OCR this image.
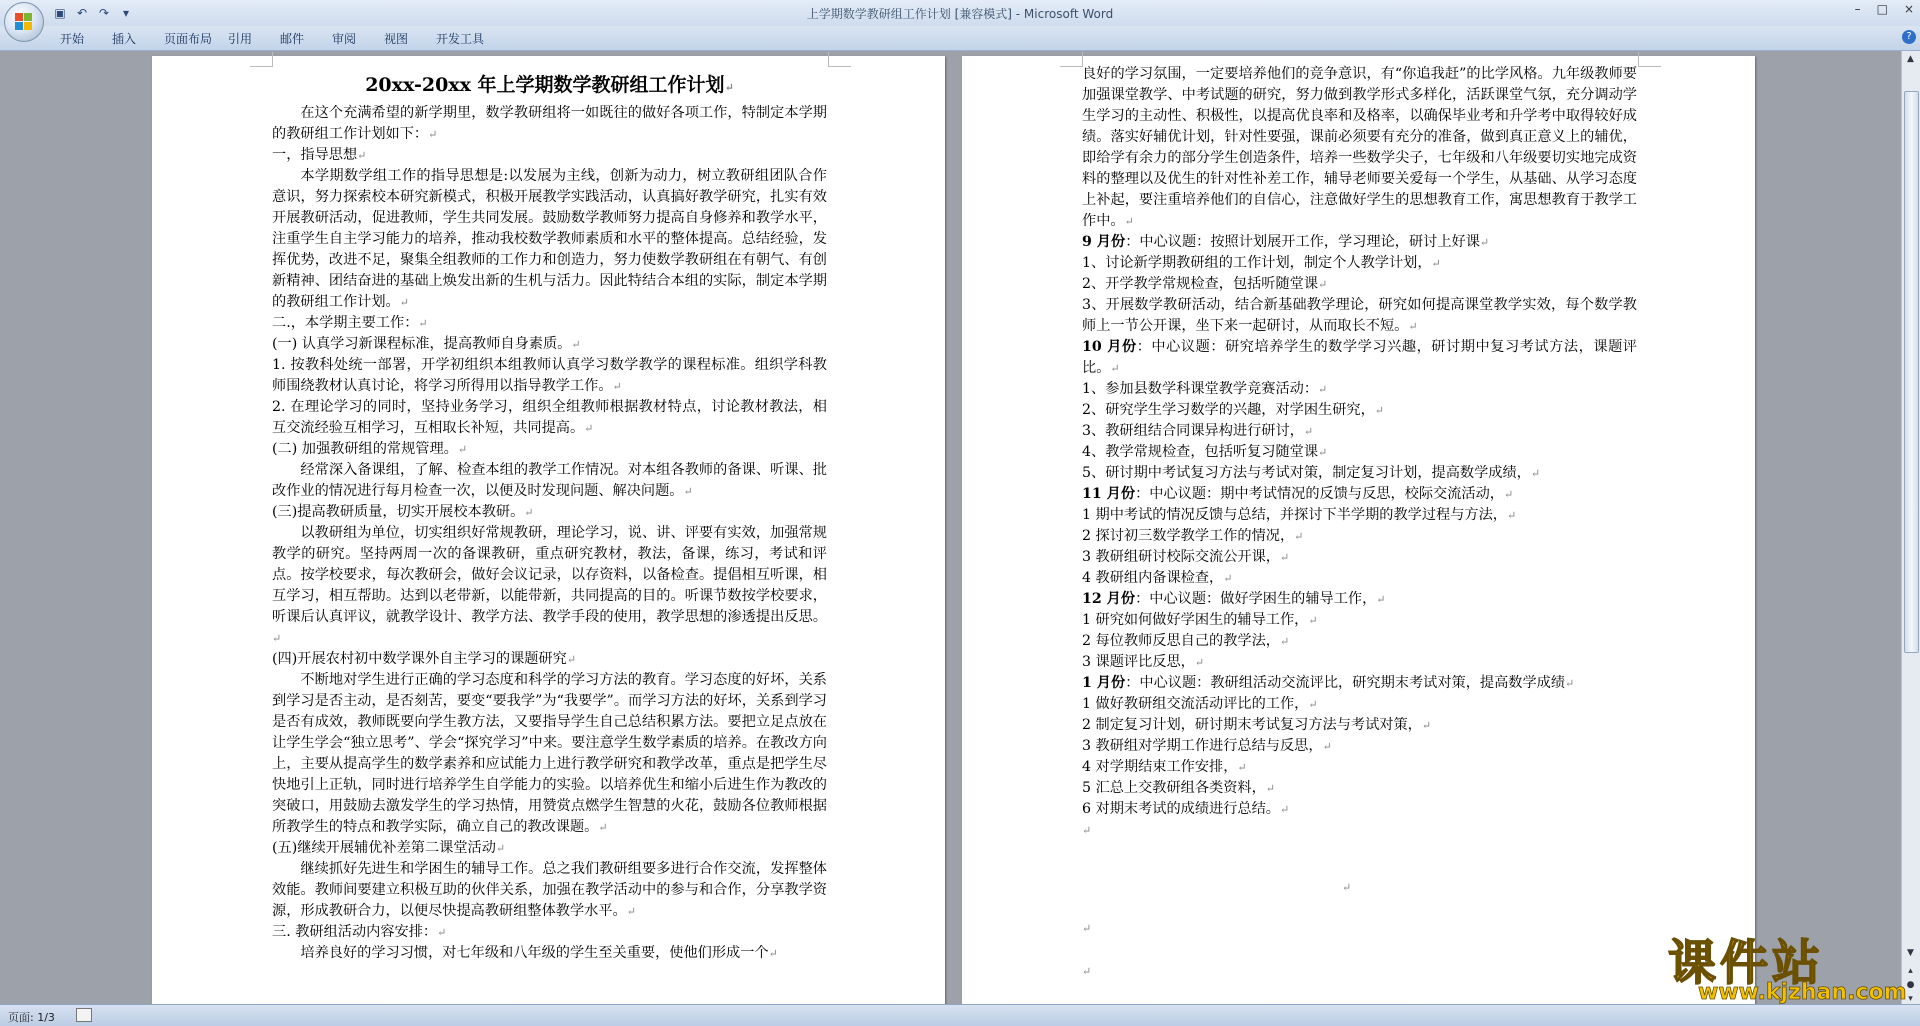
上学期数学教研组工作计划 [兼容模式] - Microsoft Word
▣ ↶ ↷	▾	– □ ×
开始	插入	页面布局	引用	邮件	审阅	视图	开发工具	?

20xx-20xx 年上学期数学教研组工作计划↵

在这个充满希望的新学期里，数学教研组将一如既往的做好各项工作，特制定本学期的教研组工作计划如下：↵

一，指导思想↵

本学期数学组工作的指导思想是:以发展为主线，创新为动力，树立教研组团队合作意识，努力探索校本研究新模式，积极开展教学实践活动，认真搞好教学研究，扎实有效开展教研活动，促进教师，学生共同发展。鼓励数学教师努力提高自身修养和教学水平，注重学生自主学习能力的培养，推动我校数学教师素质和水平的整体提高。总结经验，发挥优势，改进不足，聚集全组教师的工作力和创造力，努力使数学教研组在有朝气、有创新精神、团结奋进的基础上焕发出新的生机与活力。因此特结合本组的实际，制定本学期的教研组工作计划。↵

二.，本学期主要工作：↵

(一) 认真学习新课程标准，提高教师自身素质。↵

1. 按教科处统一部署，开学初组织本组教师认真学习数学教学的课程标准。组织学科教师围绕教材认真讨论，将学习所得用以指导教学工作。↵

2. 在理论学习的同时，坚持业务学习，组织全组教师根据教材特点，讨论教材教法，相互交流经验互相学习，互相取长补短，共同提高。↵

(二) 加强教研组的常规管理。↵

经常深入备课组，了解、检查本组的教学工作情况。对本组各教师的备课、听课、批改作业的情况进行每月检查一次，以便及时发现问题、解决问题。↵

(三)提高教研质量，切实开展校本教研。↵

以教研组为单位，切实组织好常规教研，理论学习，说、讲、评要有实效，加强常规教学的研究。坚持两周一次的备课教研，重点研究教材，教法，备课，练习，考试和评点。按学校要求，每次教研会，做好会议记录，以存资料，以备检查。提倡相互听课，相互学习，相互帮助。达到以老带新，以能带新，共同提高的目的。听课节数按学校要求，听课后认真评议，就教学设计、教学方法、教学手段的使用，教学思想的渗透提出反思。↵

(四)开展农村初中数学课外自主学习的课题研究↵

不断地对学生进行正确的学习态度和科学的学习方法的教育。学习态度的好坏，关系到学习是否主动，是否刻苦，要变“要我学”为“我要学”。而学习方法的好坏，关系到学习是否有成效，教师既要向学生教方法，又要指导学生自己总结积累方法。要把立足点放在让学生学会“独立思考”、学会“探究学习”中来。要注意学生数学素质的培养。在教改方向上，主要从提高学生的数学素养和应试能力上进行教学研究和教学改革，重点是把学生尽快地引上正轨，同时进行培养学生自学能力的实验。以培养优生和缩小后进生作为教改的突破口，用鼓励去激发学生的学习热情，用赞赏点燃学生智慧的火花，鼓励各位教师根据所教学生的特点和教学实际，确立自己的教改课题。↵

(五)继续开展辅优补差第二课堂活动↵

继续抓好先进生和学困生的辅导工作。总之我们教研组要多进行合作交流，发挥整体效能。教师间要建立积极互助的伙伴关系，加强在教学活动中的参与和合作，分享教学资源，形成教研合力，以便尽快提高教研组整体教学水平。↵

三. 教研组活动内容安排：↵

培养良好的学习习惯，对七年级和八年级的学生至关重要，使他们形成一个↵

良好的学习氛围，一定要培养他们的竞争意识，有“你追我赶”的比学风格。九年级教师要加强课堂教学、中考试题的研究，努力做到教学形式多样化，活跃课堂气氛，充分调动学生学习的主动性、积极性，以提高优良率和及格率，以确保毕业考和升学考中取得较好成绩。落实好辅优计划，针对性要强，课前必须要有充分的准备，做到真正意义上的辅优，即给学有余力的部分学生创造条件，培养一些数学尖子，七年级和八年级要切实地完成资料的整理以及优生的针对性补差工作，辅导老师要关爱每一个学生，从基础、从学习态度上补起，要注重培养他们的自信心，注意做好学生的思想教育工作，寓思想教育于教学工作中。↵

9 月份：中心议题：按照计划展开工作，学习理论，研讨上好课↵

1、讨论新学期教研组的工作计划，制定个人教学计划，↵

2、开学教学常规检查，包括听随堂课↵

3、开展数学教研活动，结合新基础教学理论，研究如何提高课堂教学实效，每个数学教师上一节公开课，坐下来一起研讨，从而取长不短。↵

10 月份：中心议题：研究培养学生的数学学习兴趣，研讨期中复习考试方法，课题评比。↵

1、参加县数学科课堂教学竞赛活动：↵

2、研究学生学习数学的兴趣，对学困生研究，↵

3、教研组结合同课异构进行研讨，↵

4、教学常规检查，包括听复习随堂课↵

5、研讨期中考试复习方法与考试对策，制定复习计划，提高数学成绩，↵

11 月份：中心议题：期中考试情况的反馈与反思，校际交流活动，↵

1 期中考试的情况反馈与总结，并探讨下半学期的教学过程与方法，↵

2 探讨初三数学教学工作的情况，↵

3 教研组研讨校际交流公开课，↵

4 教研组内备课检查，↵

12 月份：中心议题：做好学困生的辅导工作，↵

1 研究如何做好学困生的辅导工作，↵

2 每位教师反思自己的教学法，↵

3 课题评比反思，↵

1 月份：中心议题：教研组活动交流评比，研究期末考试对策，提高数学成绩↵

1 做好教研组交流活动评比的工作，↵

2 制定复习计划，研讨期末考试复习方法与考试对策，↵

3 教研组对学期工作进行总结与反思，↵

4 对学期结束工作安排，↵

5 汇总上交教研组各类资料，↵

6 对期末考试的成绩进行总结。↵

↵

↵

↵

↵

▲
▼
▴
●
▾
页面: 1/3
课件站
www.kjzhan.com
